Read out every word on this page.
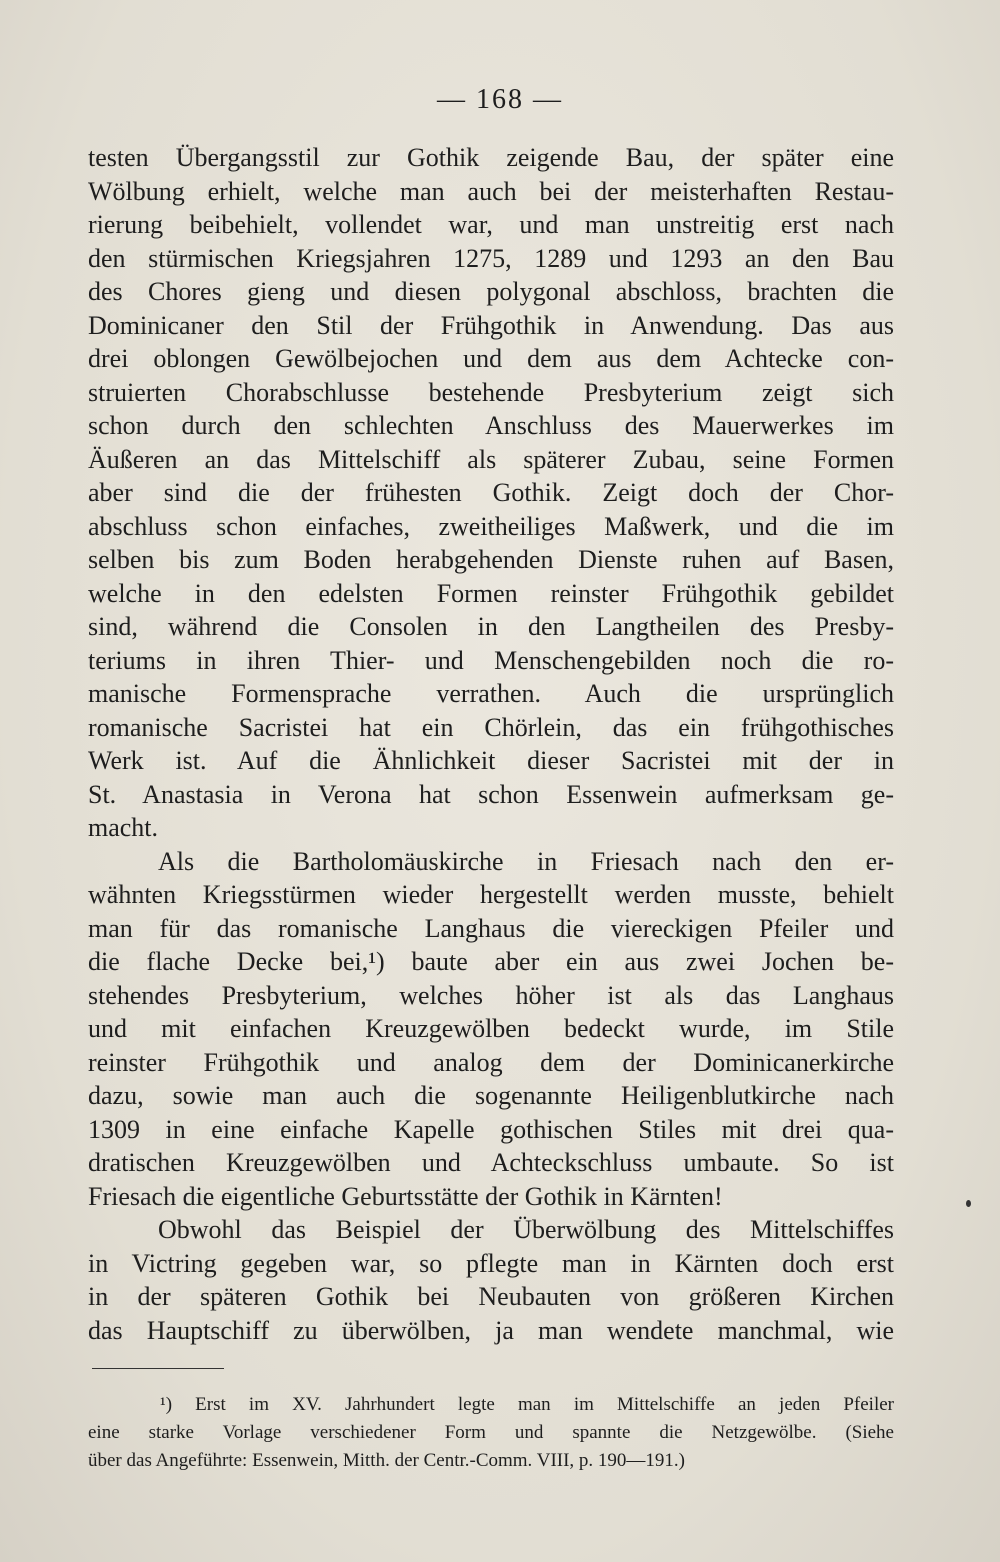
— 168 —
testen Übergangsstil zur Gothik zeigende Bau, der später eine
Wölbung erhielt, welche man auch bei der meisterhaften Restau-
rierung beibehielt, vollendet war, und man unstreitig erst nach
den stürmischen Kriegsjahren 1275, 1289 und 1293 an den Bau
des Chores gieng und diesen polygonal abschloss, brachten die
Dominicaner den Stil der Frühgothik in Anwendung. Das aus
drei oblongen Gewölbejochen und dem aus dem Achtecke con-
struierten Chorabschlusse bestehende Presbyterium zeigt sich
schon durch den schlechten Anschluss des Mauerwerkes im
Äußeren an das Mittelschiff als späterer Zubau, seine Formen
aber sind die der frühesten Gothik. Zeigt doch der Chor-
abschluss schon einfaches, zweitheiliges Maßwerk, und die im
selben bis zum Boden herabgehenden Dienste ruhen auf Basen,
welche in den edelsten Formen reinster Frühgothik gebildet
sind, während die Consolen in den Langtheilen des Presby-
teriums in ihren Thier- und Menschengebilden noch die ro-
manische Formensprache verrathen. Auch die ursprünglich
romanische Sacristei hat ein Chörlein, das ein frühgothisches
Werk ist. Auf die Ähnlichkeit dieser Sacristei mit der in
St. Anastasia in Verona hat schon Essenwein aufmerksam ge-
macht.
Als die Bartholomäuskirche in Friesach nach den er-
wähnten Kriegsstürmen wieder hergestellt werden musste, behielt
man für das romanische Langhaus die viereckigen Pfeiler und
die flache Decke bei,¹) baute aber ein aus zwei Jochen be-
stehendes Presbyterium, welches höher ist als das Langhaus
und mit einfachen Kreuzgewölben bedeckt wurde, im Stile
reinster Frühgothik und analog dem der Dominicanerkirche
dazu, sowie man auch die sogenannte Heiligenblutkirche nach
1309 in eine einfache Kapelle gothischen Stiles mit drei qua-
dratischen Kreuzgewölben und Achteckschluss umbaute. So ist
Friesach die eigentliche Geburtsstätte der Gothik in Kärnten!
Obwohl das Beispiel der Überwölbung des Mittelschiffes
in Victring gegeben war, so pflegte man in Kärnten doch erst
in der späteren Gothik bei Neubauten von größeren Kirchen
das Hauptschiff zu überwölben, ja man wendete manchmal, wie
¹) Erst im XV. Jahrhundert legte man im Mittelschiffe an jeden Pfeiler
eine starke Vorlage verschiedener Form und spannte die Netzgewölbe. (Siehe
über das Angeführte: Essenwein, Mitth. der Centr.-Comm. VIII, p. 190—191.)
